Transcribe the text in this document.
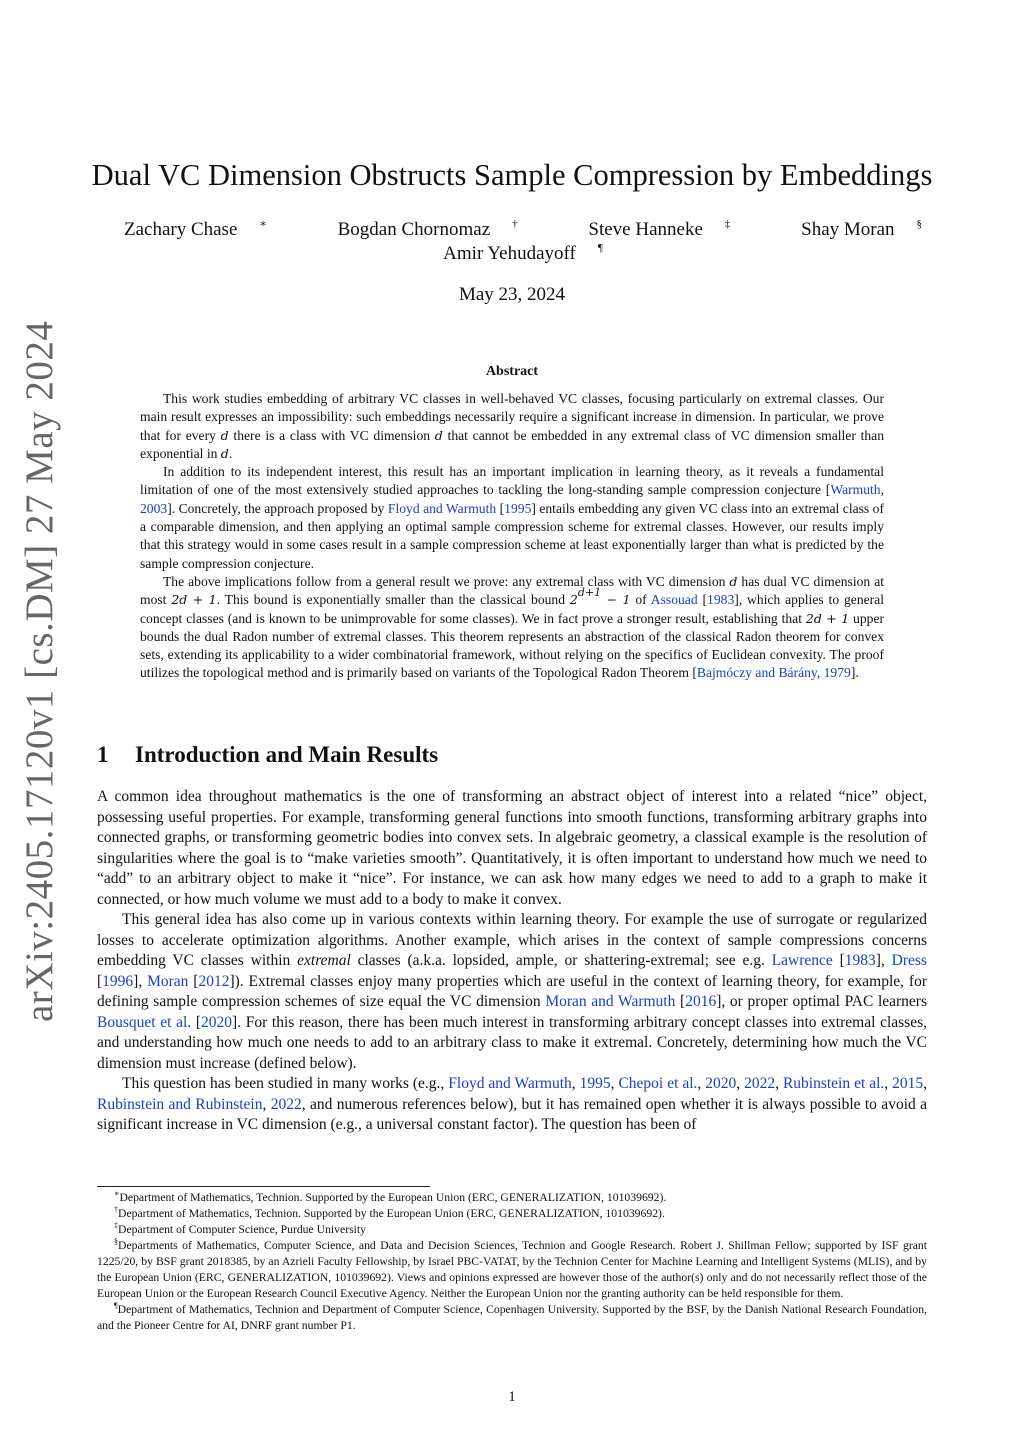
arXiv:2405.17120v1 [cs.DM] 27 May 2024
Dual VC Dimension Obstructs Sample Compression by Embeddings
Zachary Chase ∗	Bogdan Chornomaz †	Steve Hanneke ‡	Shay Moran §
Amir Yehudayoff ¶
May 23, 2024
Abstract

This work studies embedding of arbitrary VC classes in well-behaved VC classes, focusing particularly on extremal classes. Our main result expresses an impossibility: such embeddings necessarily require a significant increase in dimension. In particular, we prove that for every d there is a class with VC dimension d that cannot be embedded in any extremal class of VC dimension smaller than exponential in d.

In addition to its independent interest, this result has an important implication in learning theory, as it reveals a fundamental limitation of one of the most extensively studied approaches to tackling the long-standing sample compression conjecture [Warmuth, 2003]. Concretely, the approach proposed by Floyd and Warmuth [1995] entails embedding any given VC class into an extremal class of a comparable dimension, and then applying an optimal sample compression scheme for extremal classes. However, our results imply that this strategy would in some cases result in a sample compression scheme at least exponentially larger than what is predicted by the sample compression conjecture.

The above implications follow from a general result we prove: any extremal class with VC dimension d has dual VC dimension at most 2d + 1. This bound is exponentially smaller than the classical bound $2^{d+1} - 1$ of Assouad [1983], which applies to general concept classes (and is known to be unimprovable for some classes). We in fact prove a stronger result, establishing that 2d + 1 upper bounds the dual Radon number of extremal classes. This theorem represents an abstraction of the classical Radon theorem for convex sets, extending its applicability to a wider combinatorial framework, without relying on the specifics of Euclidean convexity. The proof utilizes the topological method and is primarily based on variants of the Topological Radon Theorem [Bajmóczy and Bárány, 1979].

1 Introduction and Main Results

A common idea throughout mathematics is the one of transforming an abstract object of interest into a related “nice” object, possessing useful properties. For example, transforming general functions into smooth functions, transforming arbitrary graphs into connected graphs, or transforming geometric bodies into convex sets. In algebraic geometry, a classical example is the resolution of singularities where the goal is to “make varieties smooth”. Quantitatively, it is often important to understand how much we need to “add” to an arbitrary object to make it “nice”. For instance, we can ask how many edges we need to add to a graph to make it connected, or how much volume we must add to a body to make it convex.

This general idea has also come up in various contexts within learning theory. For example the use of surrogate or regularized losses to accelerate optimization algorithms. Another example, which arises in the context of sample compressions concerns embedding VC classes within extremal classes (a.k.a. lopsided, ample, or shattering-extremal; see e.g. Lawrence [1983], Dress [1996], Moran [2012]). Extremal classes enjoy many properties which are useful in the context of learning theory, for example, for defining sample compression schemes of size equal the VC dimension Moran and Warmuth [2016], or proper optimal PAC learners Bousquet et al. [2020]. For this reason, there has been much interest in transforming arbitrary concept classes into extremal classes, and understanding how much one needs to add to an arbitrary class to make it extremal. Concretely, determining how much the VC dimension must increase (defined below).

This question has been studied in many works (e.g., Floyd and Warmuth, 1995, Chepoi et al., 2020, 2022, Rubinstein et al., 2015, Rubinstein and Rubinstein, 2022, and numerous references below), but it has remained open whether it is always possible to avoid a significant increase in VC dimension (e.g., a universal constant factor). The question has been of

∗Department of Mathematics, Technion. Supported by the European Union (ERC, GENERALIZATION, 101039692).

†Department of Mathematics, Technion. Supported by the European Union (ERC, GENERALIZATION, 101039692).

‡Department of Computer Science, Purdue University

§Departments of Mathematics, Computer Science, and Data and Decision Sciences, Technion and Google Research. Robert J. Shillman Fellow; supported by ISF grant 1225/20, by BSF grant 2018385, by an Azrieli Faculty Fellowship, by Israel PBC-VATAT, by the Technion Center for Machine Learning and Intelligent Systems (MLIS), and by the European Union (ERC, GENERALIZATION, 101039692). Views and opinions expressed are however those of the author(s) only and do not necessarily reflect those of the European Union or the European Research Council Executive Agency. Neither the European Union nor the granting authority can be held responsible for them.

¶Department of Mathematics, Technion and Department of Computer Science, Copenhagen University. Supported by the BSF, by the Danish National Research Foundation, and the Pioneer Centre for AI, DNRF grant number P1.

1
